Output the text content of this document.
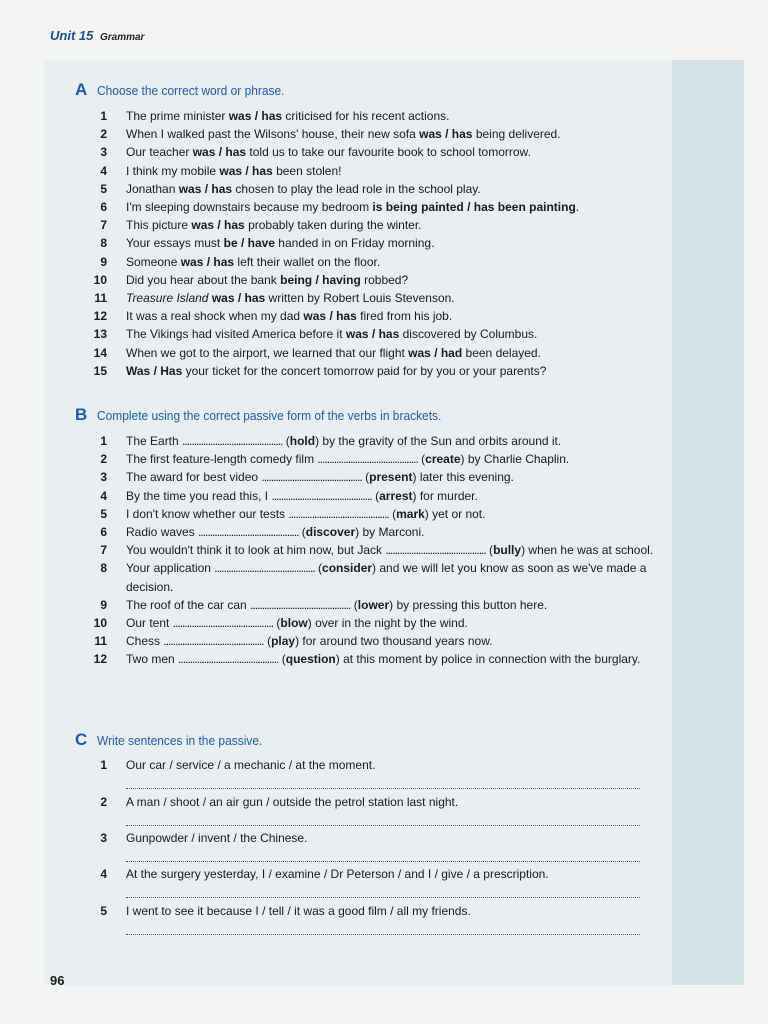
Unit 15 Grammar
A Choose the correct word or phrase.
1 The prime minister was / has criticised for his recent actions.
2 When I walked past the Wilsons' house, their new sofa was / has being delivered.
3 Our teacher was / has told us to take our favourite book to school tomorrow.
4 I think my mobile was / has been stolen!
5 Jonathan was / has chosen to play the lead role in the school play.
6 I'm sleeping downstairs because my bedroom is being painted / has been painting.
7 This picture was / has probably taken during the winter.
8 Your essays must be / have handed in on Friday morning.
9 Someone was / has left their wallet on the floor.
10 Did you hear about the bank being / having robbed?
11 Treasure Island was / has written by Robert Louis Stevenson.
12 It was a real shock when my dad was / has fired from his job.
13 The Vikings had visited America before it was / has discovered by Columbus.
14 When we got to the airport, we learned that our flight was / had been delayed.
15 Was / Has your ticket for the concert tomorrow paid for by you or your parents?
B Complete using the correct passive form of the verbs in brackets.
1 The Earth ........................................... (hold) by the gravity of the Sun and orbits around it.
2 The first feature-length comedy film ........................................... (create) by Charlie Chaplin.
3 The award for best video ........................................... (present) later this evening.
4 By the time you read this, I ........................................... (arrest) for murder.
5 I don't know whether our tests ........................................... (mark) yet or not.
6 Radio waves ........................................... (discover) by Marconi.
7 You wouldn't think it to look at him now, but Jack ........................................... (bully) when he was at school.
8 Your application ........................................... (consider) and we will let you know as soon as we've made a decision.
9 The roof of the car can ........................................... (lower) by pressing this button here.
10 Our tent ........................................... (blow) over in the night by the wind.
11 Chess ........................................... (play) for around two thousand years now.
12 Two men ........................................... (question) at this moment by police in connection with the burglary.
C Write sentences in the passive.
1 Our car / service / a mechanic / at the moment.
2 A man / shoot / an air gun / outside the petrol station last night.
3 Gunpowder / invent / the Chinese.
4 At the surgery yesterday, I / examine / Dr Peterson / and I / give / a prescription.
5 I went to see it because I / tell / it was a good film / all my friends.
96
